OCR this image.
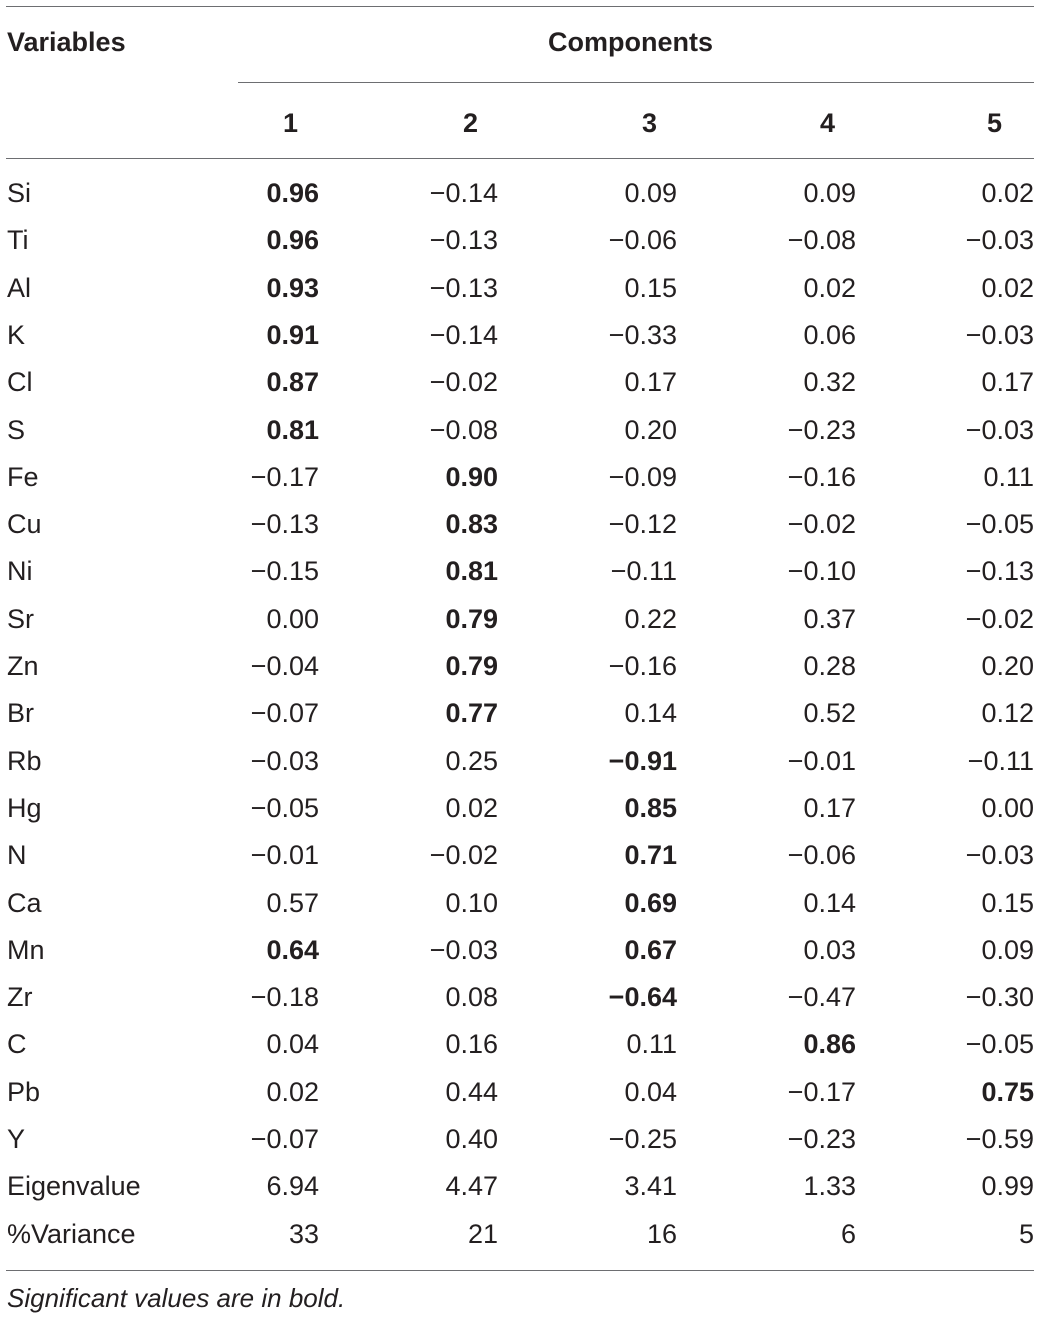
Variables	Components
1	2	3	4	5
Si	0.96	−0.14	0.09	0.09	0.02
Ti	0.96	−0.13	−0.06	−0.08	−0.03
Al	0.93	−0.13	0.15	0.02	0.02
K	0.91	−0.14	−0.33	0.06	−0.03
Cl	0.87	−0.02	0.17	0.32	0.17
S	0.81	−0.08	0.20	−0.23	−0.03
Fe	−0.17	0.90	−0.09	−0.16	0.11
Cu	−0.13	0.83	−0.12	−0.02	−0.05
Ni	−0.15	0.81	−0.11	−0.10	−0.13
Sr	0.00	0.79	0.22	0.37	−0.02
Zn	−0.04	0.79	−0.16	0.28	0.20
Br	−0.07	0.77	0.14	0.52	0.12
Rb	−0.03	0.25	−0.91	−0.01	−0.11
Hg	−0.05	0.02	0.85	0.17	0.00
N	−0.01	−0.02	0.71	−0.06	−0.03
Ca	0.57	0.10	0.69	0.14	0.15
Mn	0.64	−0.03	0.67	0.03	0.09
Zr	−0.18	0.08	−0.64	−0.47	−0.30
C	0.04	0.16	0.11	0.86	−0.05
Pb	0.02	0.44	0.04	−0.17	0.75
Y	−0.07	0.40	−0.25	−0.23	−0.59
Eigenvalue	6.94	4.47	3.41	1.33	0.99
%Variance	33	21	16	6	5
Significant values are in bold.
